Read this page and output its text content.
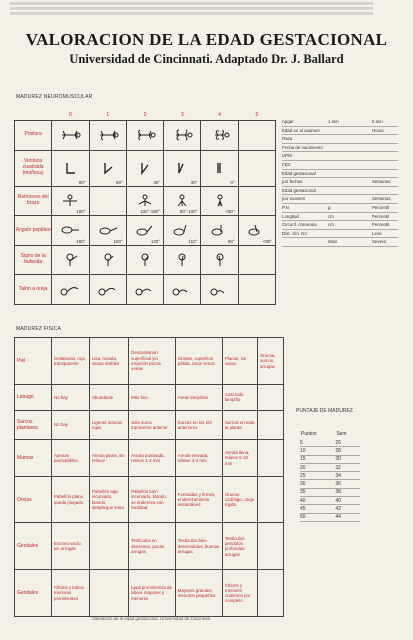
VALORACION DE LA EDAD GESTACIONAL
Universidad de Cincinnati. Adaptado Dr. J. Ballard
MADUREZ NEUROMUSCULAR
	0	1	2	3	4	5
Postura	

Ventana cuadrada (muñeca)	90°	60°	45°	30°	0°	

Retroceso del brazo	180°		100°-180°	90°-100°	<90°	

Angulo poplíteo	180°	160°	130°	110°	90°	<90°

Signo de la bufanda	

Talón a oreja	

Apgar	1 min	5 min
Edad en el examen	Horas
Raza
Fecha de nacimiento
UPM
FDC
Edad gestacional
por fechas	Semanas
Edad gestacional
por examen	Semanas
P.N.	g	Percentil
Longitud	cm	Percentil
Circunf. craneana	cm	Percentil
Dist. clín. No	Leve
Mod.	Severa
MADUREZ FISICA
Piel	Gelatinosa, roja, transparente	Lisa, rosada, venas visibles	Descamacion superficial y/o erupción pocas venas	Grietas, superficie pálida, raras venas	Placas, sin vasos	Gruesa, surcos, arrugas
Lanugo	No hay	Abundante	Más fino	Areas lampiñas	Casi todo lampiño	
Surcos plantares	No hay	Ligeras marcas rojas	Sólo surco transverso anterior	Surcos en los 2/3 anteriores	Surcos en toda la planta	
Mamas	Apenas perceptibles	Areola plana, sin relieve	Areola punteada, relieve 1-2 mm	Areola elevada, relieve 3-4 mm	Areola llena, relieve 5-10 mm	
Orejas	Pabellón plano queda plegado	Pabellón algo incurvado, blando, despliegue lento	Pabellón bien incurvado, blando, se endereza con facilidad	Formadas y firmes, enderezamiento instantáneo	Grueso cartílago, oreja rígida	
Genitales	Escroto vacío, sin arrugas		Testículos en descenso, pocas arrugas	Testículos bien descendidos, buenas arrugas	Testículos péndulos profundas arrugas	
Genitales	Clítoris y labios menores prominentes		Igual prominencia de labios mayores y menores	Mayores grandes, menores pequeños	Clítoris y menores cubiertos por completo	
PUNTAJE DE MADUREZ
Puntos	Sem
5	26
10	28
15	30
20	32
25	34
30	36
35	38
40	40
45	42
50	44
Valoración de la edad gestacional. Universidad de Cincinnati.
